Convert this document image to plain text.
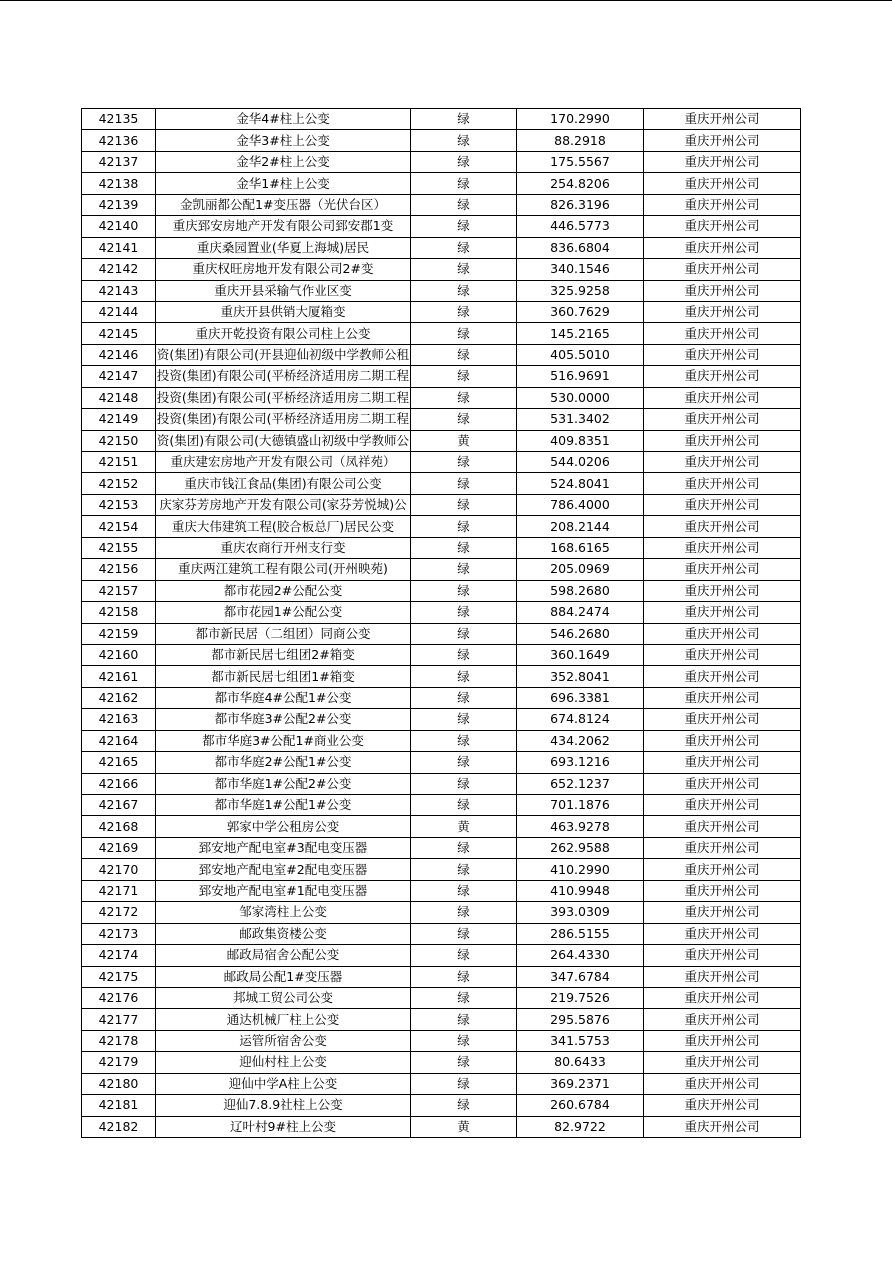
42135	金华4#柱上公变	绿	170.2990	重庆开州公司
42136	金华3#柱上公变	绿	88.2918	重庆开州公司
42137	金华2#柱上公变	绿	175.5567	重庆开州公司
42138	金华1#柱上公变	绿	254.8206	重庆开州公司
42139	金凯丽都公配1#变压器（光伏台区）	绿	826.3196	重庆开州公司
42140	重庆郅安房地产开发有限公司郅安郡1变	绿	446.5773	重庆开州公司
42141	重庆桑园置业(华夏上海城)居民	绿	836.6804	重庆开州公司
42142	重庆权旺房地开发有限公司2#变	绿	340.1546	重庆开州公司
42143	重庆开县采输气作业区变	绿	325.9258	重庆开州公司
42144	重庆开县供销大厦箱变	绿	360.7629	重庆开州公司
42145	重庆开乾投资有限公司柱上公变	绿	145.2165	重庆开州公司
42146	资(集团)有限公司(开县迎仙初级中学教师公租	绿	405.5010	重庆开州公司
42147	投资(集团)有限公司(平桥经济适用房二期工程	绿	516.9691	重庆开州公司
42148	投资(集团)有限公司(平桥经济适用房二期工程	绿	530.0000	重庆开州公司
42149	投资(集团)有限公司(平桥经济适用房二期工程	绿	531.3402	重庆开州公司
42150	资(集团)有限公司(大德镇盛山初级中学教师公	黄	409.8351	重庆开州公司
42151	重庆建宏房地产开发有限公司（凤祥苑）	绿	544.0206	重庆开州公司
42152	重庆市钱江食品(集团)有限公司公变	绿	524.8041	重庆开州公司
42153	庆家芬芳房地产开发有限公司(家芬芳悦城)公	绿	786.4000	重庆开州公司
42154	重庆大伟建筑工程(胶合板总厂)居民公变	绿	208.2144	重庆开州公司
42155	重庆农商行开州支行变	绿	168.6165	重庆开州公司
42156	重庆两江建筑工程有限公司(开州映苑)	绿	205.0969	重庆开州公司
42157	都市花园2#公配公变	绿	598.2680	重庆开州公司
42158	都市花园1#公配公变	绿	884.2474	重庆开州公司
42159	都市新民居（二组团）同商公变	绿	546.2680	重庆开州公司
42160	都市新民居七组团2#箱变	绿	360.1649	重庆开州公司
42161	都市新民居七组团1#箱变	绿	352.8041	重庆开州公司
42162	都市华庭4#公配1#公变	绿	696.3381	重庆开州公司
42163	都市华庭3#公配2#公变	绿	674.8124	重庆开州公司
42164	都市华庭3#公配1#商业公变	绿	434.2062	重庆开州公司
42165	都市华庭2#公配1#公变	绿	693.1216	重庆开州公司
42166	都市华庭1#公配2#公变	绿	652.1237	重庆开州公司
42167	都市华庭1#公配1#公变	绿	701.1876	重庆开州公司
42168	郭家中学公租房公变	黄	463.9278	重庆开州公司
42169	郅安地产配电室#3配电变压器	绿	262.9588	重庆开州公司
42170	郅安地产配电室#2配电变压器	绿	410.2990	重庆开州公司
42171	郅安地产配电室#1配电变压器	绿	410.9948	重庆开州公司
42172	邹家湾柱上公变	绿	393.0309	重庆开州公司
42173	邮政集资楼公变	绿	286.5155	重庆开州公司
42174	邮政局宿舍公配公变	绿	264.4330	重庆开州公司
42175	邮政局公配1#变压器	绿	347.6784	重庆开州公司
42176	邦城工贸公司公变	绿	219.7526	重庆开州公司
42177	通达机械厂柱上公变	绿	295.5876	重庆开州公司
42178	运管所宿舍公变	绿	341.5753	重庆开州公司
42179	迎仙村柱上公变	绿	80.6433	重庆开州公司
42180	迎仙中学A柱上公变	绿	369.2371	重庆开州公司
42181	迎仙7.8.9社柱上公变	绿	260.6784	重庆开州公司
42182	辽叶村9#柱上公变	黄	82.9722	重庆开州公司
